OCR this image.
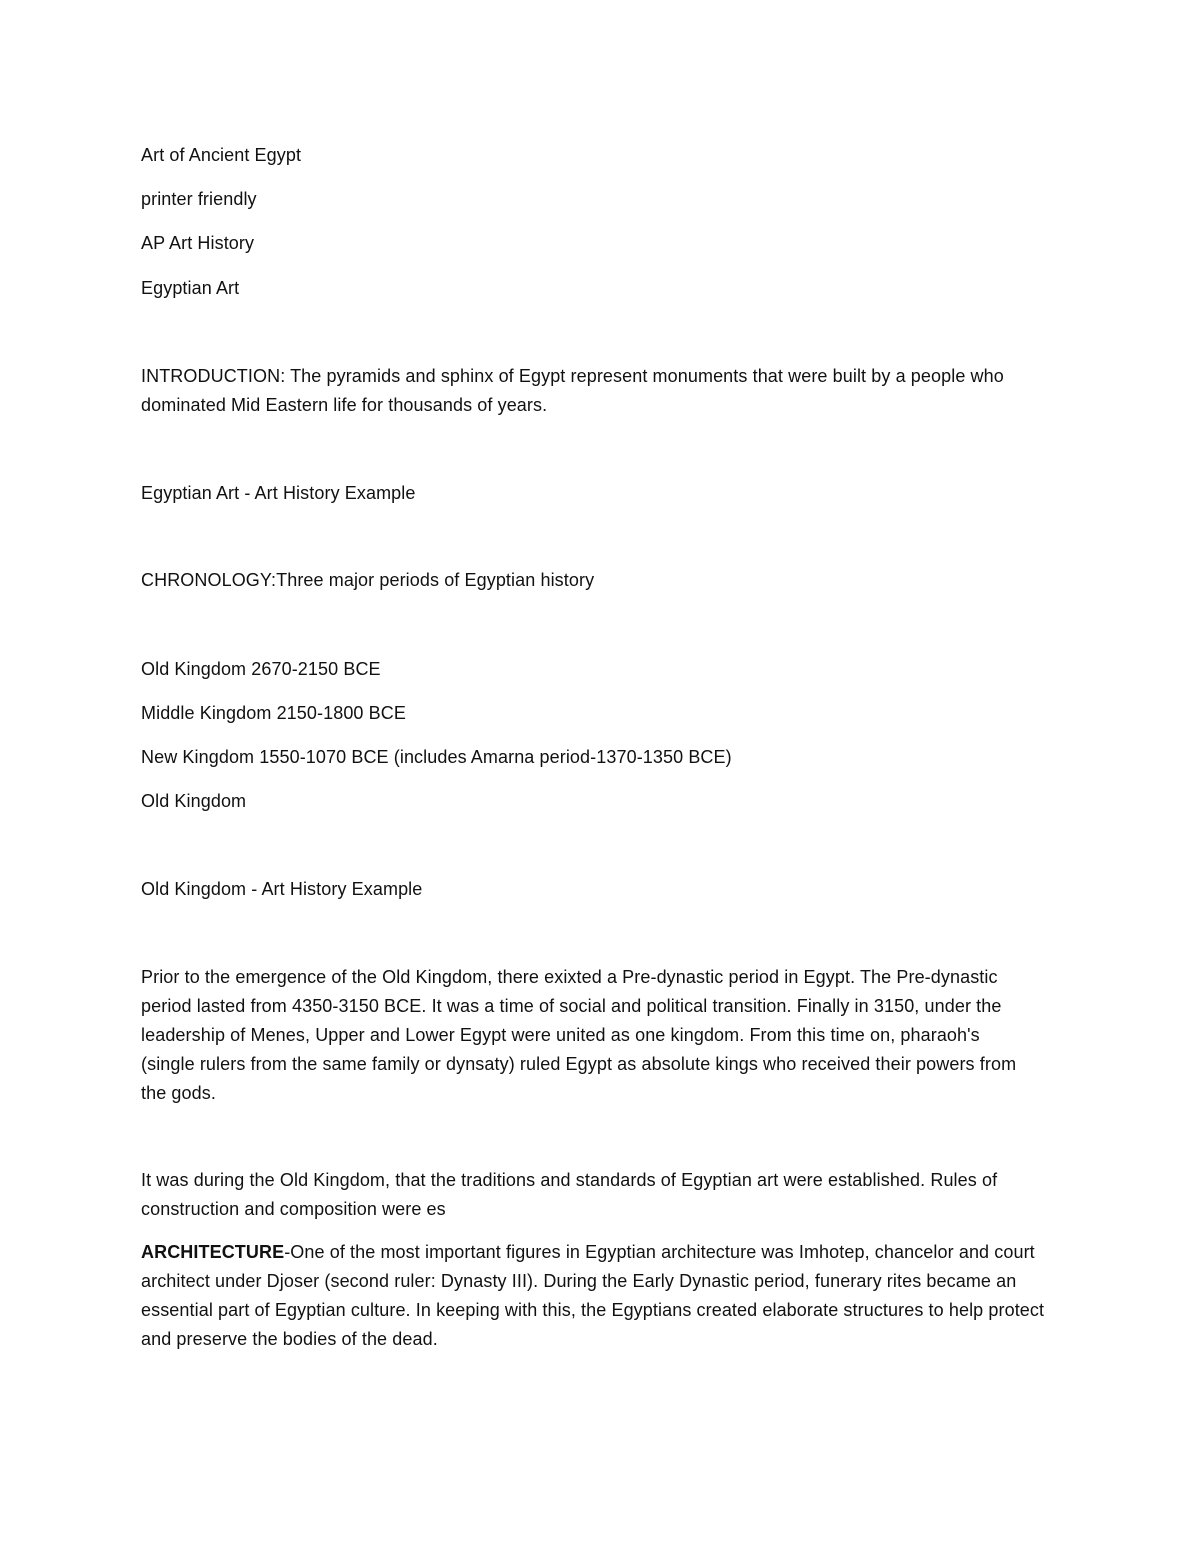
Art of Ancient Egypt
printer friendly
AP Art History
Egyptian Art
INTRODUCTION: The pyramids and sphinx of Egypt represent monuments that were built by a people who dominated Mid Eastern life for thousands of years.
Egyptian Art - Art History Example
CHRONOLOGY:Three major periods of Egyptian history
Old Kingdom 2670-2150 BCE
Middle Kingdom 2150-1800 BCE
New Kingdom 1550-1070 BCE (includes Amarna period-1370-1350 BCE)
Old Kingdom
Old Kingdom - Art History Example
Prior to the emergence of the Old Kingdom, there exixted a Pre-dynastic period in Egypt. The Pre-dynastic period lasted from 4350-3150 BCE. It was a time of social and political transition. Finally in 3150, under the leadership of Menes, Upper and Lower Egypt were united as one kingdom. From this time on, pharaoh's (single rulers from the same family or dynsaty) ruled Egypt as absolute kings who received their powers from the gods.
It was during the Old Kingdom, that the traditions and standards of Egyptian art were established. Rules of construction and composition were es
ARCHITECTURE-One of the most important figures in Egyptian architecture was Imhotep, chancelor and court architect under Djoser (second ruler: Dynasty III). During the Early Dynastic period, funerary rites became an essential part of Egyptian culture. In keeping with this, the Egyptians created elaborate structures to help protect and preserve the bodies of the dead.
